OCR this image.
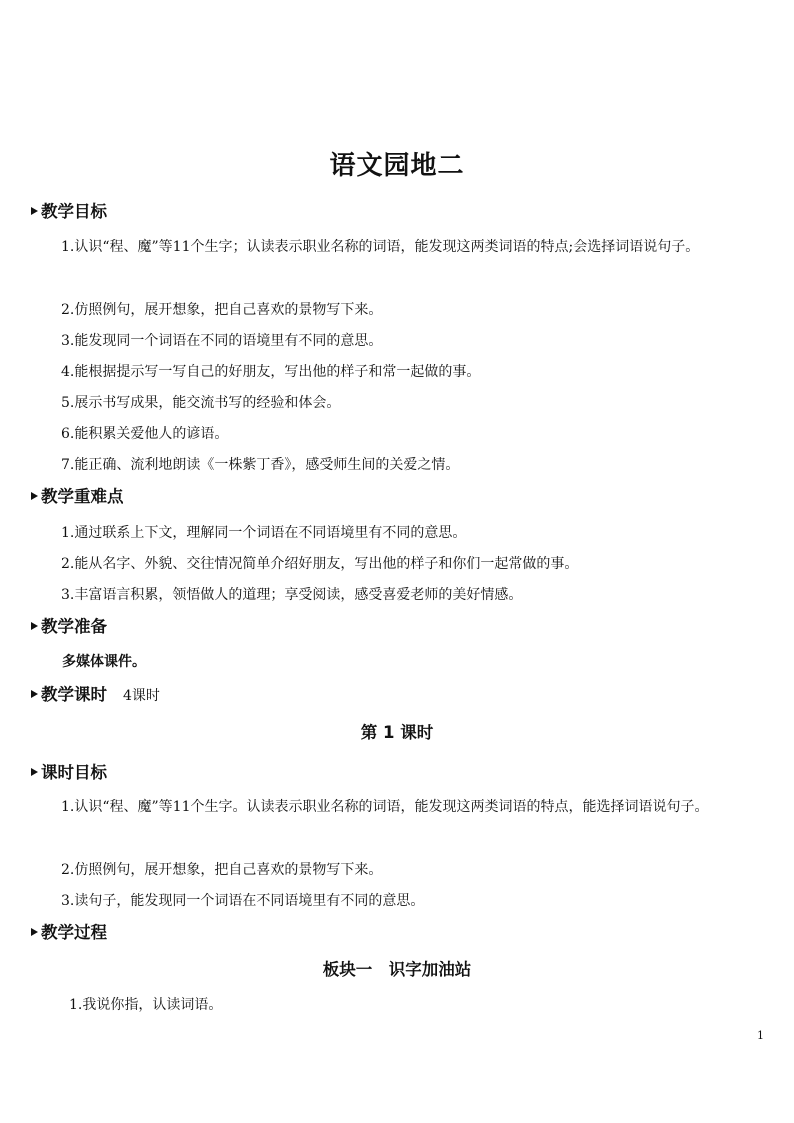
语文园地二
教学目标
1.认识“程、魔”等11个生字；认读表示职业名称的词语，能发现这两类词语的特点;会选择词语说句子。
2.仿照例句，展开想象，把自己喜欢的景物写下来。
3.能发现同一个词语在不同的语境里有不同的意思。
4.能根据提示写一写自己的好朋友，写出他的样子和常一起做的事。
5.展示书写成果，能交流书写的经验和体会。
6.能积累关爱他人的谚语。
7.能正确、流利地朗读《一株紫丁香》，感受师生间的关爱之情。
教学重难点
1.通过联系上下文，理解同一个词语在不同语境里有不同的意思。
2.能从名字、外貌、交往情况简单介绍好朋友，写出他的样子和你们一起常做的事。
3.丰富语言积累，领悟做人的道理；享受阅读，感受喜爱老师的美好情感。
教学准备
多媒体课件。
教学课时 4课时
第 1 课时
课时目标
1.认识“程、魔”等11个生字。认读表示职业名称的词语，能发现这两类词语的特点，能选择词语说句子。
2.仿照例句，展开想象，把自己喜欢的景物写下来。
3.读句子，能发现同一个词语在不同语境里有不同的意思。
教学过程
板块一　识字加油站
1.我说你指，认读词语。
1
